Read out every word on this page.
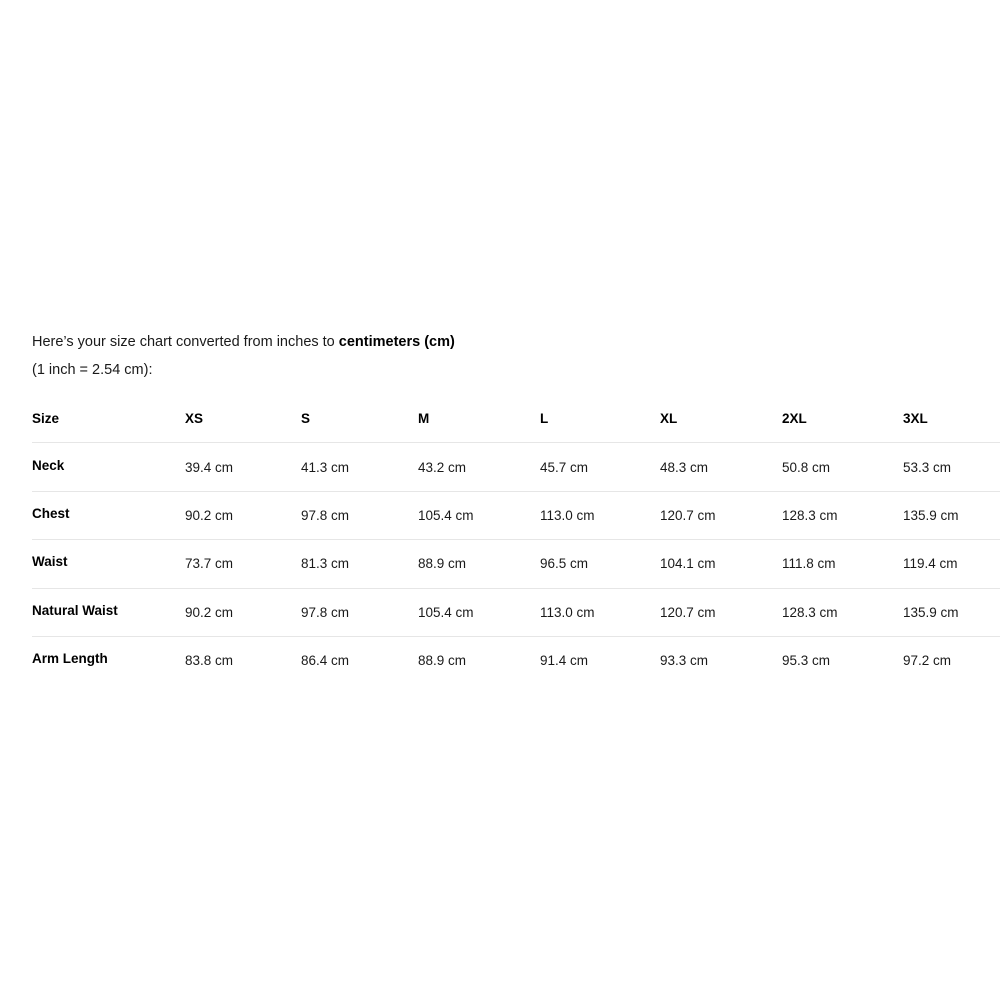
Here’s your size chart converted from inches to centimeters (cm)
(1 inch = 2.54 cm):
Size	XS	S	M	L	XL	2XL	3XL
Neck	39.4 cm	41.3 cm	43.2 cm	45.7 cm	48.3 cm	50.8 cm	53.3 cm
Chest	90.2 cm	97.8 cm	105.4 cm	113.0 cm	120.7 cm	128.3 cm	135.9 cm
Waist	73.7 cm	81.3 cm	88.9 cm	96.5 cm	104.1 cm	111.8 cm	119.4 cm
Natural Waist	90.2 cm	97.8 cm	105.4 cm	113.0 cm	120.7 cm	128.3 cm	135.9 cm
Arm Length	83.8 cm	86.4 cm	88.9 cm	91.4 cm	93.3 cm	95.3 cm	97.2 cm
